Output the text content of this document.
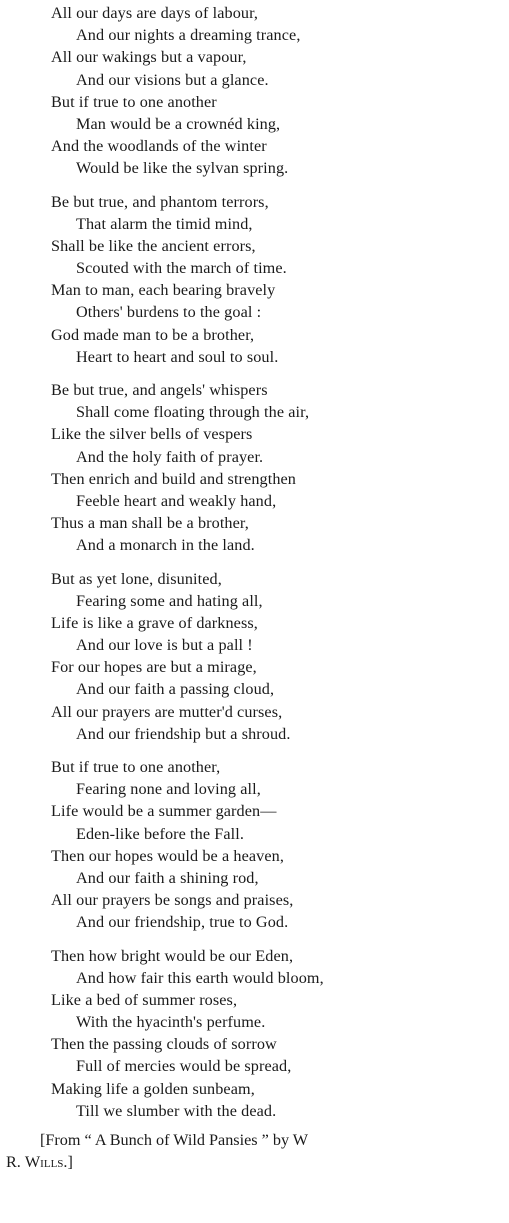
All our days are days of labour,
And our nights a dreaming trance,
All our wakings but a vapour,
And our visions but a glance.
But if true to one another
Man would be a crownéd king,
And the woodlands of the winter
Would be like the sylvan spring.
Be but true, and phantom terrors,
That alarm the timid mind,
Shall be like the ancient errors,
Scouted with the march of time.
Man to man, each bearing bravely
Others' burdens to the goal :
God made man to be a brother,
Heart to heart and soul to soul.
Be but true, and angels' whispers
Shall come floating through the air,
Like the silver bells of vespers
And the holy faith of prayer.
Then enrich and build and strengthen
Feeble heart and weakly hand,
Thus a man shall be a brother,
And a monarch in the land.
But as yet lone, disunited,
Fearing some and hating all,
Life is like a grave of darkness,
And our love is but a pall !
For our hopes are but a mirage,
And our faith a passing cloud,
All our prayers are mutter'd curses,
And our friendship but a shroud.
But if true to one another,
Fearing none and loving all,
Life would be a summer garden—
Eden-like before the Fall.
Then our hopes would be a heaven,
And our faith a shining rod,
All our prayers be songs and praises,
And our friendship, true to God.
Then how bright would be our Eden,
And how fair this earth would bloom,
Like a bed of summer roses,
With the hyacinth's perfume.
Then the passing clouds of sorrow
Full of mercies would be spread,
Making life a golden sunbeam,
Till we slumber with the dead.
[From “ A Bunch of Wild Pansies ” by W
R. Wills.]
